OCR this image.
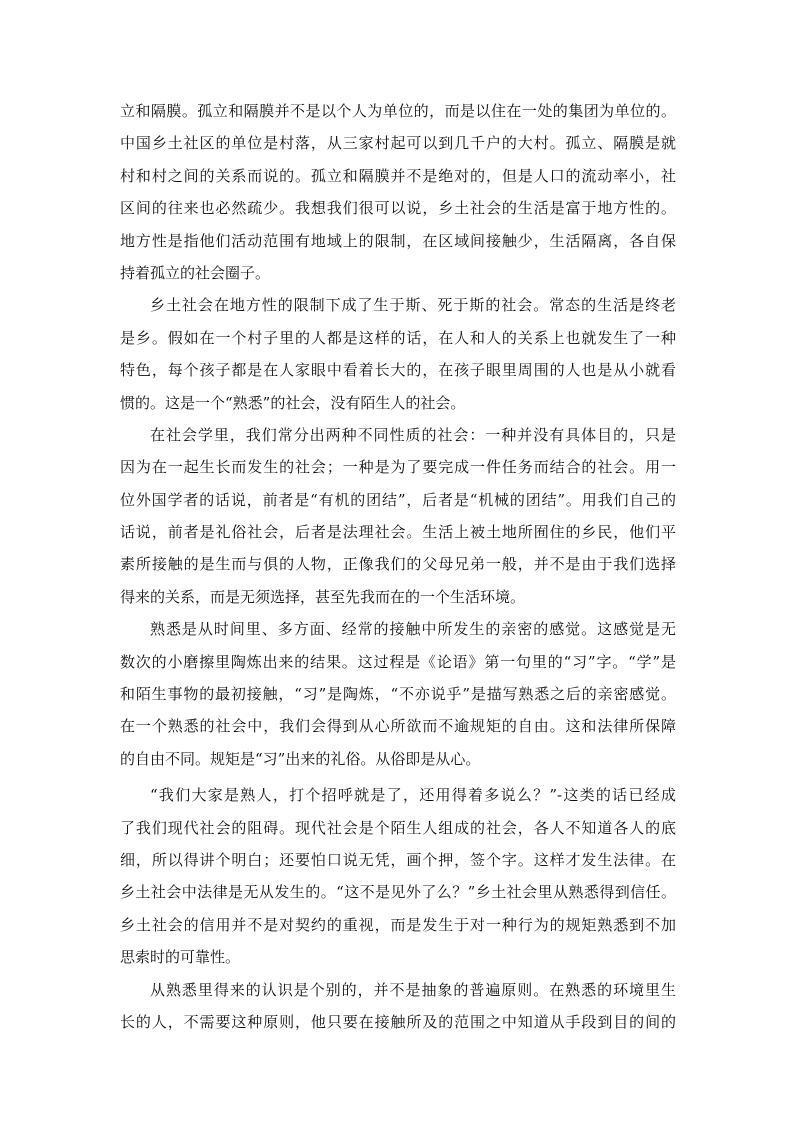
立和隔膜。孤立和隔膜并不是以个人为单位的，而是以住在一处的集团为单位的。
中国乡土社区的单位是村落，从三家村起可以到几千户的大村。孤立、隔膜是就
村和村之间的关系而说的。孤立和隔膜并不是绝对的，但是人口的流动率小，社
区间的往来也必然疏少。我想我们很可以说，乡土社会的生活是富于地方性的。
地方性是指他们活动范围有地域上的限制，在区域间接触少，生活隔离，各自保
持着孤立的社会圈子。
乡土社会在地方性的限制下成了生于斯、死于斯的社会。常态的生活是终老
是乡。假如在一个村子里的人都是这样的话，在人和人的关系上也就发生了一种
特色，每个孩子都是在人家眼中看着长大的，在孩子眼里周围的人也是从小就看
惯的。这是一个“熟悉”的社会，没有陌生人的社会。
在社会学里，我们常分出两种不同性质的社会：一种并没有具体目的，只是
因为在一起生长而发生的社会；一种是为了要完成一件任务而结合的社会。用一
位外国学者的话说，前者是“有机的团结”，后者是“机械的团结”。用我们自己的
话说，前者是礼俗社会，后者是法理社会。生活上被土地所囿住的乡民，他们平
素所接触的是生而与俱的人物，正像我们的父母兄弟一般，并不是由于我们选择
得来的关系，而是无须选择，甚至先我而在的一个生活环境。
熟悉是从时间里、多方面、经常的接触中所发生的亲密的感觉。这感觉是无
数次的小磨擦里陶炼出来的结果。这过程是《论语》第一句里的“习”字。“学”是
和陌生事物的最初接触，“习”是陶炼，“不亦说乎”是描写熟悉之后的亲密感觉。
在一个熟悉的社会中，我们会得到从心所欲而不逾规矩的自由。这和法律所保障
的自由不同。规矩是“习”出来的礼俗。从俗即是从心。
“我们大家是熟人，打个招呼就是了，还用得着多说么？”-这类的话已经成
了我们现代社会的阻碍。现代社会是个陌生人组成的社会，各人不知道各人的底
细，所以得讲个明白；还要怕口说无凭，画个押，签个字。这样才发生法律。在
乡土社会中法律是无从发生的。“这不是见外了么？”乡土社会里从熟悉得到信任。
乡土社会的信用并不是对契约的重视，而是发生于对一种行为的规矩熟悉到不加
思索时的可靠性。
从熟悉里得来的认识是个别的，并不是抽象的普遍原则。在熟悉的环境里生
长的人，不需要这种原则，他只要在接触所及的范围之中知道从手段到目的间的
